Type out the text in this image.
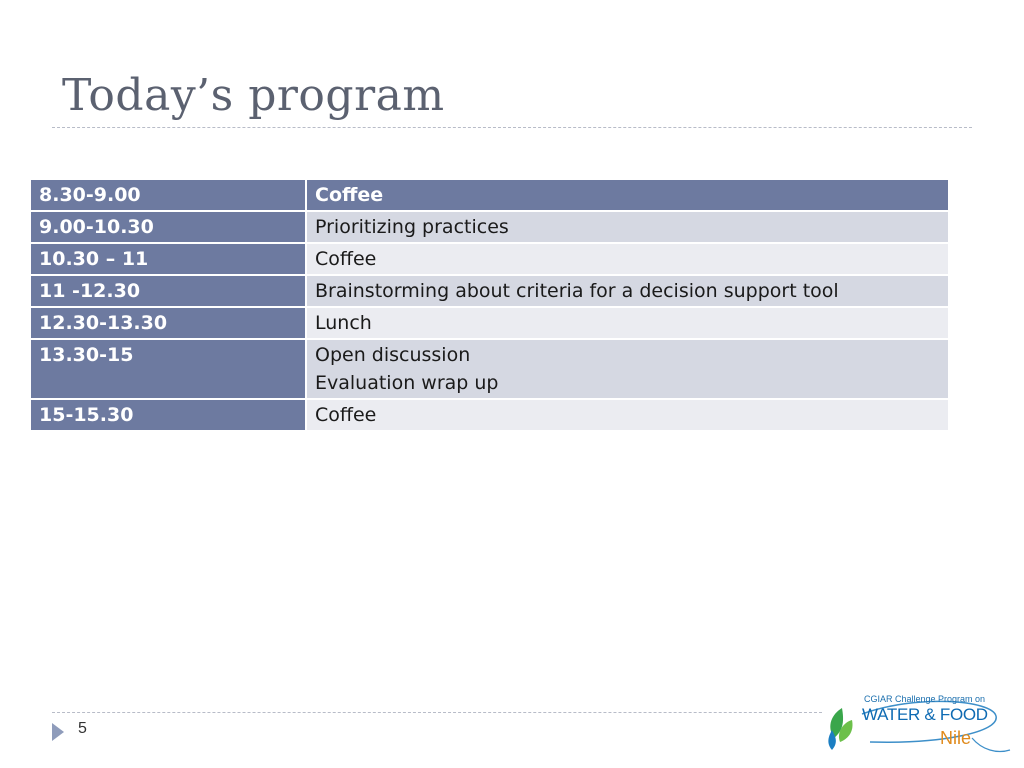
Today’s program
8.30-9.00	Coffee

9.00-10.30	Prioritizing practices

10.30 – 11	Coffee

11 -12.30	Brainstorming about criteria for a decision support tool

12.30-13.30	Lunch

13.30-15	Open discussion
Evaluation wrap up

15-15.30	Coffee
5
CGIAR Challenge Program on
WATER & FOOD
Nile
